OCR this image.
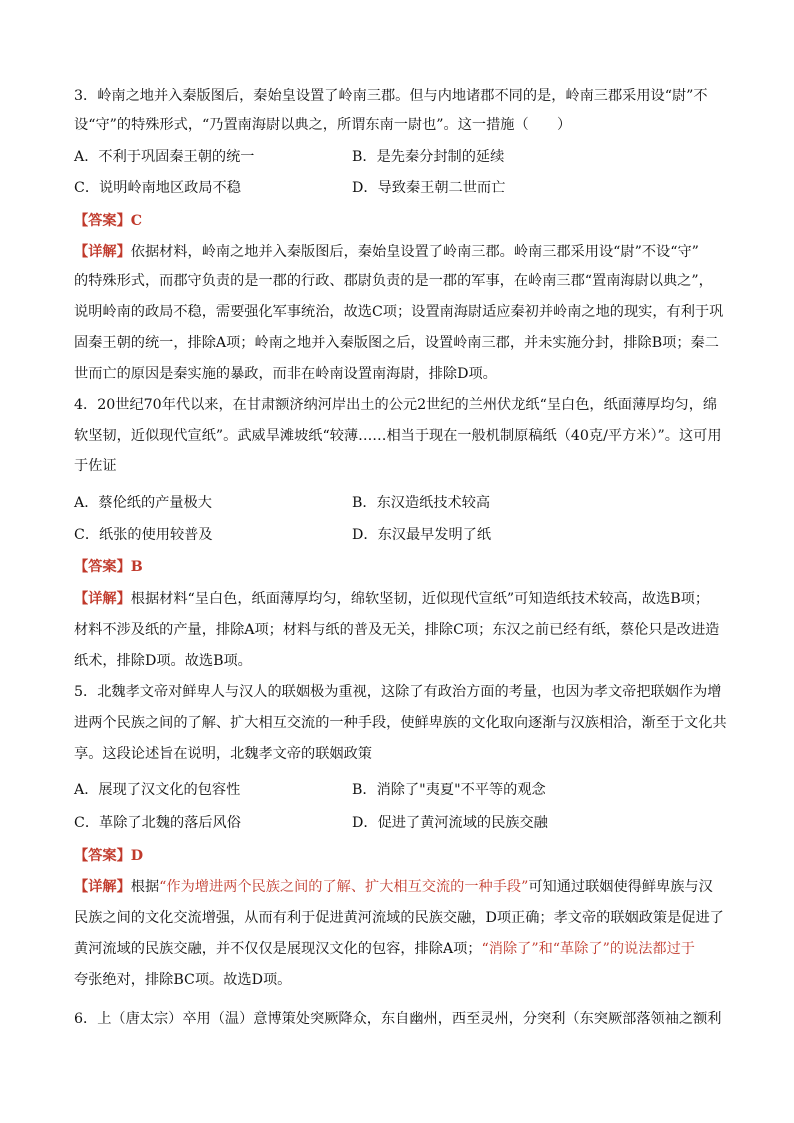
3．岭南之地并入秦版图后，秦始皇设置了岭南三郡。但与内地诸郡不同的是，岭南三郡采用设“尉”不
设“守”的特殊形式，“乃置南海尉以典之，所谓东南一尉也”。这一措施（　　）
A．不利于巩固秦王朝的统一	B．是先秦分封制的延续
C．说明岭南地区政局不稳	D．导致秦王朝二世而亡
【答案】C
【详解】依据材料，岭南之地并入秦版图后，秦始皇设置了岭南三郡。岭南三郡采用设“尉”不设“守”
的特殊形式，而郡守负责的是一郡的行政、郡尉负责的是一郡的军事，在岭南三郡“置南海尉以典之”，
说明岭南的政局不稳，需要强化军事统治，故选C项；设置南海尉适应秦初并岭南之地的现实，有利于巩
固秦王朝的统一，排除A项；岭南之地并入秦版图之后，设置岭南三郡，并未实施分封，排除B项；秦二
世而亡的原因是秦实施的暴政，而非在岭南设置南海尉，排除D项。
4．20世纪70年代以来，在甘肃额济纳河岸出土的公元2世纪的兰州伏龙纸“呈白色，纸面薄厚均匀，绵
软坚韧，近似现代宣纸”。武威旱滩坡纸“较薄……相当于现在一般机制原稿纸（40克/平方米）”。这可用
于佐证
A．蔡伦纸的产量极大	B．东汉造纸技术较高
C．纸张的使用较普及	D．东汉最早发明了纸
【答案】B
【详解】根据材料“呈白色，纸面薄厚均匀，绵软坚韧，近似现代宣纸”可知造纸技术较高，故选B项；
材料不涉及纸的产量，排除A项；材料与纸的普及无关，排除C项；东汉之前已经有纸，蔡伦只是改进造
纸术，排除D项。故选B项。
5．北魏孝文帝对鲜卑人与汉人的联姻极为重视，这除了有政治方面的考量，也因为孝文帝把联姻作为增
进两个民族之间的了解、扩大相互交流的一种手段，使鲜卑族的文化取向逐渐与汉族相洽，渐至于文化共
享。这段论述旨在说明，北魏孝文帝的联姻政策
A．展现了汉文化的包容性	B．消除了"夷夏"不平等的观念
C．革除了北魏的落后风俗	D．促进了黄河流域的民族交融
【答案】D
【详解】根据“作为增进两个民族之间的了解、扩大相互交流的一种手段”可知通过联姻使得鲜卑族与汉
民族之间的文化交流增强，从而有利于促进黄河流域的民族交融，D项正确；孝文帝的联姻政策是促进了
黄河流域的民族交融，并不仅仅是展现汉文化的包容，排除A项；“消除了”和“革除了”的说法都过于
夸张绝对，排除BC项。故选D项。
6．上（唐太宗）卒用（温）意博策处突厥降众，东自幽州，西至灵州，分突利（东突厥部落领袖之额利
